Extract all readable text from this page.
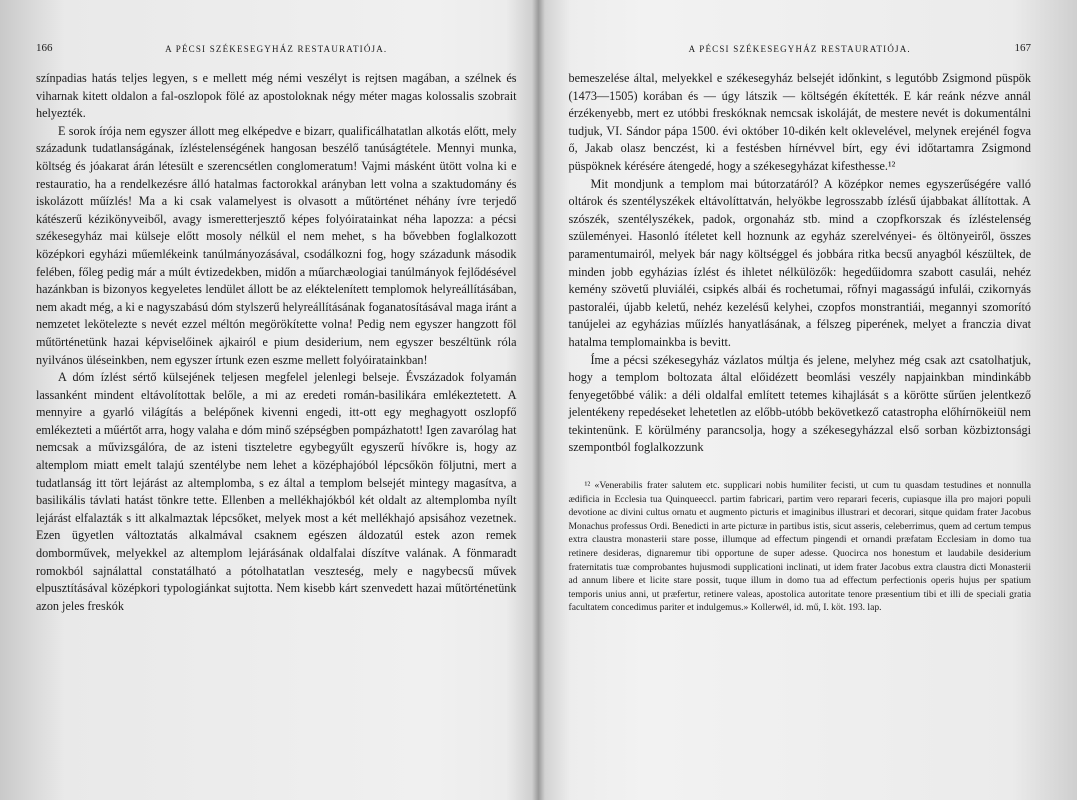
166	A PÉCSI SZÉKESEGYHÁZ RESTAURATIÓJA.

színpadias hatás teljes legyen, s e mellett még némi veszélyt is rejtsen magában, a szélnek és viharnak kitett oldalon a fal-oszlopok fölé az apostoloknak négy méter magas kolossalis szobrait helyezték.

E sorok írója nem egyszer állott meg elképedve e bizarr, qualificálhatatlan alkotás előtt, mely századunk tudatlanságának, ízléstelenségének hangosan beszélő tanúságtétele. Mennyi munka, költség és jóakarat árán létesült e szerencsétlen conglomeratum! Vajmi másként ütött volna ki e restauratio, ha a rendelkezésre álló hatalmas factorokkal arányban lett volna a szaktudomány és iskolázott műízlés! Ma a ki csak valamelyest is olvasott a műtörténet néhány ívre terjedő kátészerű kézikönyveiből, avagy ismeretterjesztő képes folyóiratainkat néha lapozza: a pécsi székesegyház mai külseje előtt mosoly nélkül el nem mehet, s ha bővebben foglalkozott középkori egyházi műemlékeink tanúlmányozásával, csodálkozni fog, hogy századunk második felében, főleg pedig már a múlt évtizedekben, midőn a műarchæologiai tanúlmányok fejlődésével hazánkban is bizonyos kegyeletes lendület állott be az eléktelenített templomok helyreállításában, nem akadt még, a ki e nagyszabású dóm stylszerű helyreállításának foganatosításával maga iránt a nemzetet lekötelezte s nevét ezzel méltón megörökítette volna! Pedig nem egyszer hangzott föl műtörténetünk hazai képviselőinek ajkairól e pium desiderium, nem egyszer beszéltünk róla nyilvános üléseinkben, nem egyszer írtunk ezen eszme mellett folyóiratainkban!

A dóm ízlést sértő külsejének teljesen megfelel jelenlegi belseje. Évszázadok folyamán lassanként mindent eltávolítottak belőle, a mi az eredeti román-basilikára emlékeztetett. A mennyire a gyarló világítás a belépőnek kivenni engedi, itt-ott egy meghagyott oszlopfő emlékezteti a műértőt arra, hogy valaha e dóm minő szépségben pompázhatott! Igen zavarólag hat nemcsak a művizsgálóra, de az isteni tiszteletre egybegyűlt egyszerű hívőkre is, hogy az altemplom miatt emelt talajú szentélybe nem lehet a középhajóból lépcsőkön följutni, mert a tudatlanság itt tört lejárást az altemplomba, s ez által a templom belsejét mintegy magasítva, a basilikális távlati hatást tönkre tette. Ellenben a mellékhajókból két oldalt az altemplomba nyílt lejárást elfalazták s itt alkalmaztak lépcsőket, melyek most a két mellékhajó apsisához vezetnek. Ezen ügyetlen változtatás alkalmával csaknem egészen áldozatúl estek azon remek domborművek, melyekkel az altemplom lejárásának oldalfalai díszítve valának. A fönmaradt romokból sajnálattal constatálható a pótolhatatlan veszteség, mely e nagybecsű művek elpusztításával középkori typologiánkat sujtotta. Nem kisebb kárt szenvedett hazai műtörténetünk azon jeles freskók

A PÉCSI SZÉKESEGYHÁZ RESTAURATIÓJA.	167

bemeszelése által, melyekkel e székesegyház belsejét időnkint, s legutóbb Zsigmond püspök (1473—1505) korában és — úgy látszik — költségén ékítették. E kár reánk nézve annál érzékenyebb, mert ez utóbbi freskóknak nemcsak iskoláját, de mestere nevét is dokumentálni tudjuk, VI. Sándor pápa 1500. évi október 10-dikén kelt oklevelével, melynek erejénél fogva ő, Jakab olasz benczést, ki a festésben hírnévvel bírt, egy évi időtartamra Zsigmond püspöknek kérésére átengedé, hogy a székesegyházat kifesthesse.¹²

Mit mondjunk a templom mai bútorzatáról? A középkor nemes egyszerűségére valló oltárok és szentélyszékek eltávolíttatván, helyökbe legrosszabb ízlésű újabbakat állítottak. A szószék, szentélyszékek, padok, orgonaház stb. mind a czopfkorszak és ízléstelenség szüleményei. Hasonló ítéletet kell hoznunk az egyház szerelvényei- és öltönyeiről, összes paramentumairól, melyek bár nagy költséggel és jobbára ritka becsű anyagból készültek, de minden jobb egyházias ízlést és ihletet nélkülözők: hegedűidomra szabott casulái, nehéz kemény szövetű pluviáléi, csipkés albái és rochetumai, rőfnyi magasságú infulái, czikornyás pastoraléi, újabb keletű, nehéz kezelésű kelyhei, czopfos monstrantiái, megannyi szomorító tanújelei az egyházias műízlés hanyatlásának, a félszeg piperének, melyet a franczia divat hatalma templomainkba is bevitt.

Íme a pécsi székesegyház vázlatos múltja és jelene, melyhez még csak azt csatolhatjuk, hogy a templom boltozata által előidézett beomlási veszély napjainkban mindinkább fenyegetőbbé válik: a déli oldalfal említett tetemes kihajlását s a körötte sűrűen jelentkező jelentékeny repedéseket lehetetlen az előbb-utóbb bekövetkező catastropha előhírnökeiül nem tekintenünk. E körülmény parancsolja, hogy a székesegyházzal első sorban közbiztonsági szempontból foglalkozzunk

¹² «Venerabilis frater salutem etc. supplicari nobis humiliter fecisti, ut cum tu quasdam testudines et nonnulla ædificia in Ecclesia tua Quinqueeccl. partim fabricari, partim vero reparari feceris, cupiasque illa pro majori populi devotione ac divini cultus ornatu et augmento picturis et imaginibus illustrari et decorari, sitque quidam frater Jacobus Monachus professus Ordi. Benedicti in arte picturæ in partibus istis, sicut asseris, celeberrimus, quem ad certum tempus extra claustra monasterii stare posse, illumque ad effectum pingendi et ornandi præfatam Ecclesiam in domo tua retinere desideras, dignaremur tibi opportune de super adesse. Quocirca nos honestum et laudabile desiderium fraternitatis tuæ comprobantes hujusmodi supplicationi inclinati, ut idem frater Jacobus extra claustra dicti Monasterii ad annum libere et licite stare possit, tuque illum in domo tua ad effectum perfectionis operis hujus per spatium temporis unius anni, ut præfertur, retinere valeas, apostolica autoritate tenore præsentium tibi et illi de speciali gratia facultatem concedimus pariter et indulgemus.» Kollerwél, id. mű, I. köt. 193. lap.
